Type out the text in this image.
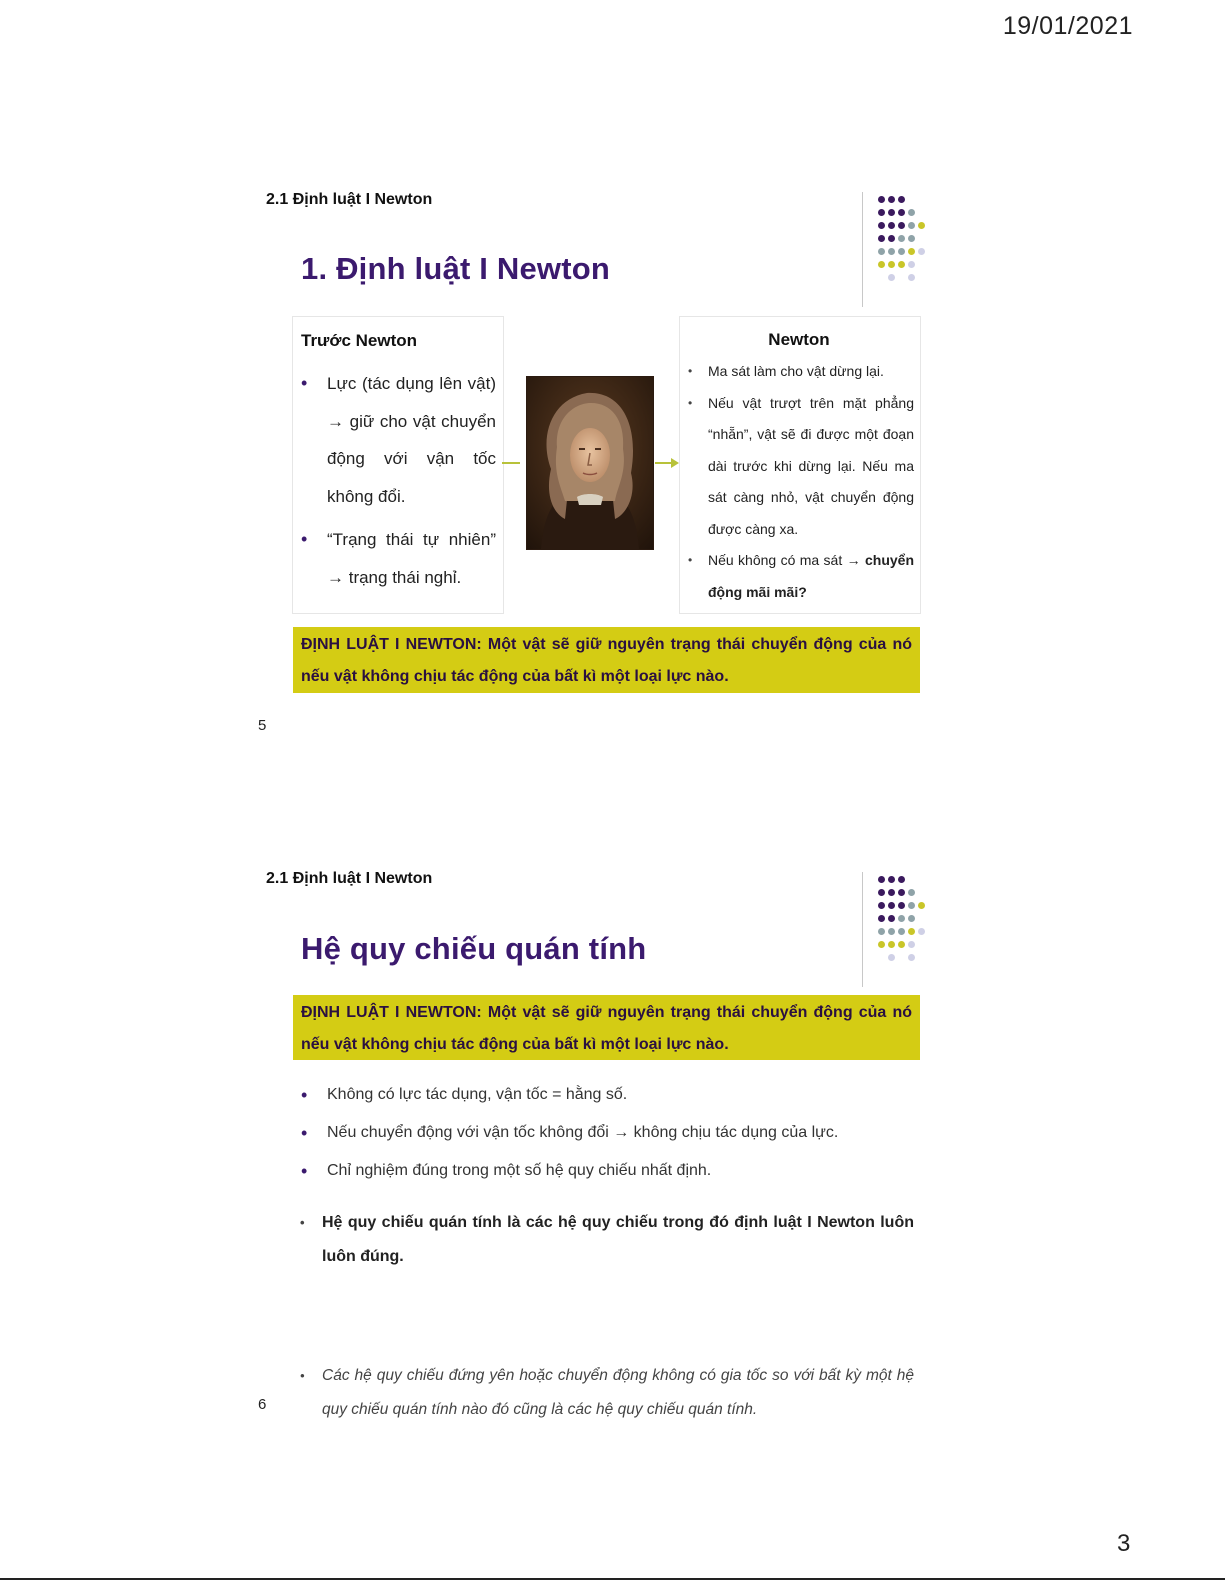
19/01/2021
3
2.1 Định luật I Newton
1. Định luật I Newton
Trước Newton
• Lực (tác dụng lên vật) → giữ cho vật chuyển động với vận tốc không đổi.
• “Trạng thái tự nhiên” → trạng thái nghỉ.
Newton
• Ma sát làm cho vật dừng lại.
• Nếu vật trượt trên mặt phẳng “nhẵn”, vật sẽ đi được một đoạn dài trước khi dừng lại. Nếu ma sát càng nhỏ, vật chuyển động được càng xa.
• Nếu không có ma sát → chuyển động mãi mãi?
ĐỊNH LUẬT I NEWTON: Một vật sẽ giữ nguyên trạng thái chuyển động của nó nếu vật không chịu tác động của bất kì một loại lực nào.
5
2.1 Định luật I Newton
Hệ quy chiếu quán tính
ĐỊNH LUẬT I NEWTON: Một vật sẽ giữ nguyên trạng thái chuyển động của nó nếu vật không chịu tác động của bất kì một loại lực nào.
• Không có lực tác dụng, vận tốc = hằng số.
• Nếu chuyển động với vận tốc không đổi → không chịu tác dụng của lực.
• Chỉ nghiệm đúng trong một số hệ quy chiếu nhất định.
• Hệ quy chiếu quán tính là các hệ quy chiếu trong đó định luật I Newton luôn luôn đúng.
• Các hệ quy chiếu đứng yên hoặc chuyển động không có gia tốc so với bất kỳ một hệ quy chiếu quán tính nào đó cũng là các hệ quy chiếu quán tính.
6
